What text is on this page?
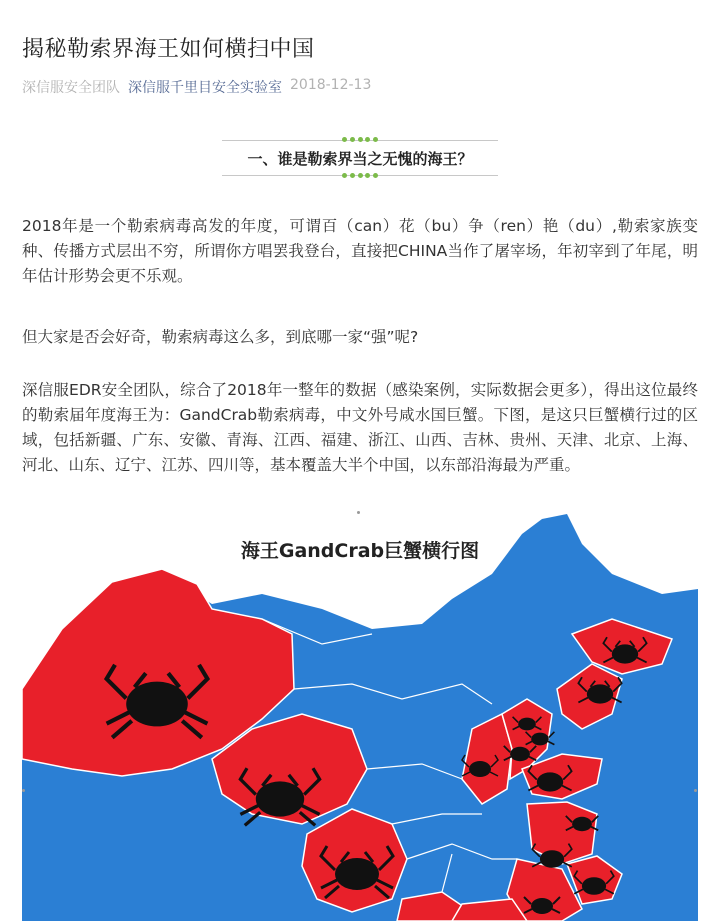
揭秘勒索界海王如何横扫中国
深信服安全团队 深信服千里目安全实验室 2018-12-13
一、谁是勒索界当之无愧的海王？

2018年是一个勒索病毒高发的年度，可谓百（can）花（bu）争（ren）艳（du）,勒索家族变种、传播方式层出不穷，所谓你方唱罢我登台，直接把CHINA当作了屠宰场，年初宰到了年尾，明年估计形势会更不乐观。

但大家是否会好奇，勒索病毒这么多，到底哪一家“强”呢?

深信服EDR安全团队，综合了2018年一整年的数据（感染案例，实际数据会更多），得出这位最终的勒索届年度海王为：GandCrab勒索病毒，中文外号咸水国巨蟹。下图，是这只巨蟹横行过的区域，包括新疆、广东、安徽、青海、江西、福建、浙江、山西、吉林、贵州、天津、北京、上海、河北、山东、辽宁、江苏、四川等，基本覆盖大半个中国，以东部沿海最为严重。

海王GandCrab巨蟹横行图
